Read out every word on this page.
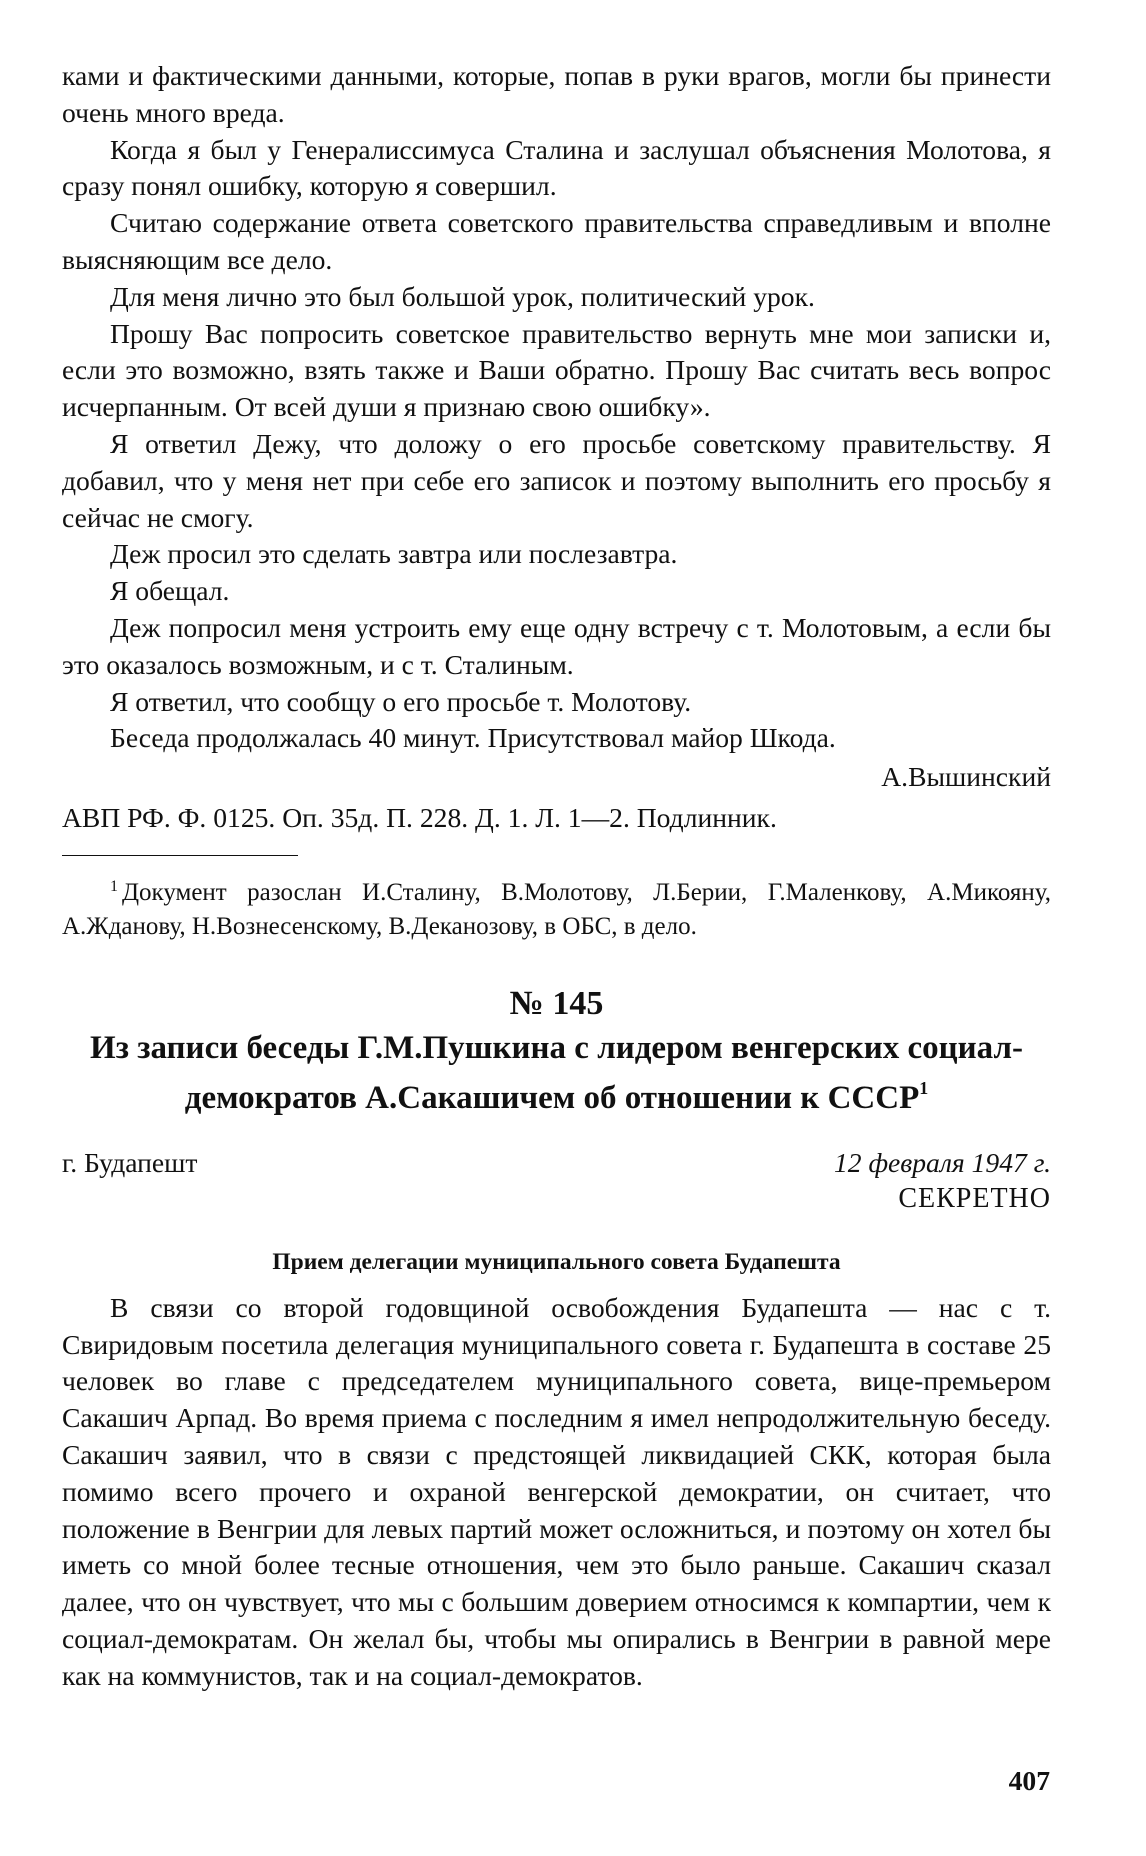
ками и фактическими данными, которые, попав в руки врагов, могли бы принести очень много вреда.

Когда я был у Генералиссимуса Сталина и заслушал объяснения Молотова, я сразу понял ошибку, которую я совершил.

Считаю содержание ответа советского правительства справедливым и вполне выясняющим все дело.

Для меня лично это был большой урок, политический урок.

Прошу Вас попросить советское правительство вернуть мне мои записки и, если это возможно, взять также и Ваши обратно. Прошу Вас считать весь вопрос исчерпанным. От всей души я признаю свою ошибку».

Я ответил Дежу, что доложу о его просьбе советскому правительству. Я добавил, что у меня нет при себе его записок и поэтому выполнить его просьбу я сейчас не смогу.

Деж просил это сделать завтра или послезавтра.

Я обещал.

Деж попросил меня устроить ему еще одну встречу с т. Молотовым, а если бы это оказалось возможным, и с т. Сталиным.

Я ответил, что сообщу о его просьбе т. Молотову.

Беседа продолжалась 40 минут. Присутствовал майор Шкода.

А.Вышинский

АВП РФ. Ф. 0125. Оп. 35д. П. 228. Д. 1. Л. 1—2. Подлинник.

$^1$ Документ разослан И.Сталину, В.Молотову, Л.Берии, Г.Маленкову, А.Микояну, А.Жданову, Н.Вознесенскому, В.Деканозову, в ОБС, в дело.

№ 145
Из записи беседы Г.М.Пушкина с лидером венгерских социал-демократов А.Сакашичем об отношении к СССР$^1$
г. Будапешт	12 февраля 1947 г.
СЕКРЕТНО
Прием делегации муниципального совета Будапешта

В связи со второй годовщиной освобождения Будапешта — нас с т. Свиридовым посетила делегация муниципального совета г. Будапешта в составе 25 человек во главе с председателем муниципального совета, вице-премьером Сакашич Арпад. Во время приема с последним я имел непродолжительную беседу. Сакашич заявил, что в связи с предстоящей ликвидацией СКК, которая была помимо всего прочего и охраной венгерской демократии, он считает, что положение в Венгрии для левых партий может осложниться, и поэтому он хотел бы иметь со мной более тесные отношения, чем это было раньше. Сакашич сказал далее, что он чувствует, что мы с большим доверием относимся к компартии, чем к социал-демократам. Он желал бы, чтобы мы опирались в Венгрии в равной мере как на коммунистов, так и на социал-демократов.

407
